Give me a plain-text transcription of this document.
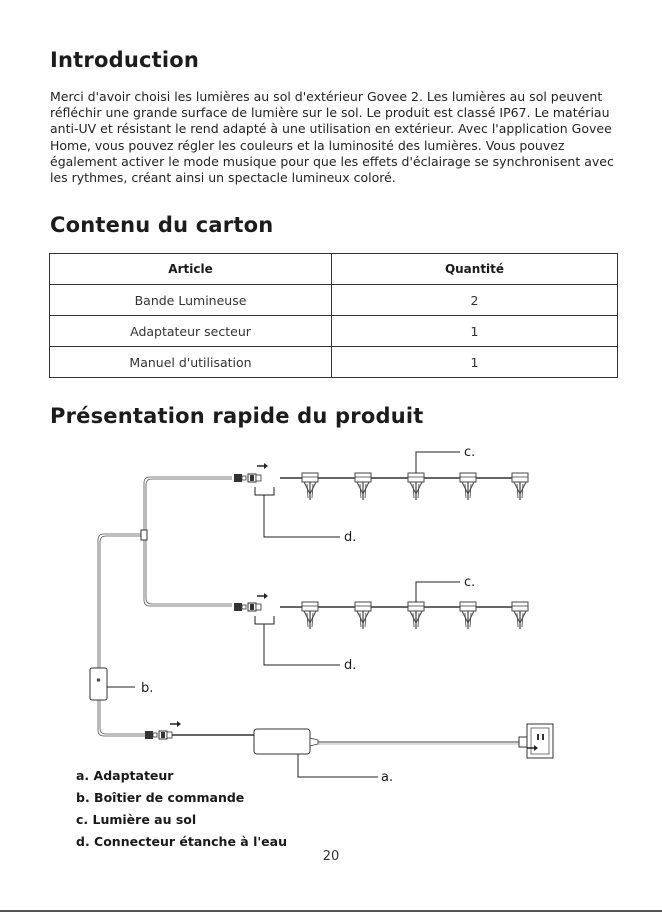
Introduction

Merci d'avoir choisi les lumières au sol d'extérieur Govee 2. Les lumières au sol peuvent réfléchir une grande surface de lumière sur le sol. Le produit est classé IP67. Le matériau anti-UV et résistant le rend adapté à une utilisation en extérieur. Avec l'application Govee Home, vous pouvez régler les couleurs et la luminosité des lumières. Vous pouvez également activer le mode musique pour que les effets d'éclairage se synchronisent avec les rythmes, créant ainsi un spectacle lumineux coloré.

Contenu du carton
Article	Quantité
Bande Lumineuse	2
Adaptateur secteur	1
Manuel d'utilisation	1
Présentation rapide du produit
c.
d.
c.
d.
b.
a.
a. Adaptateur
b. Boîtier de commande
c. Lumière au sol
d. Connecteur étanche à l'eau
20
